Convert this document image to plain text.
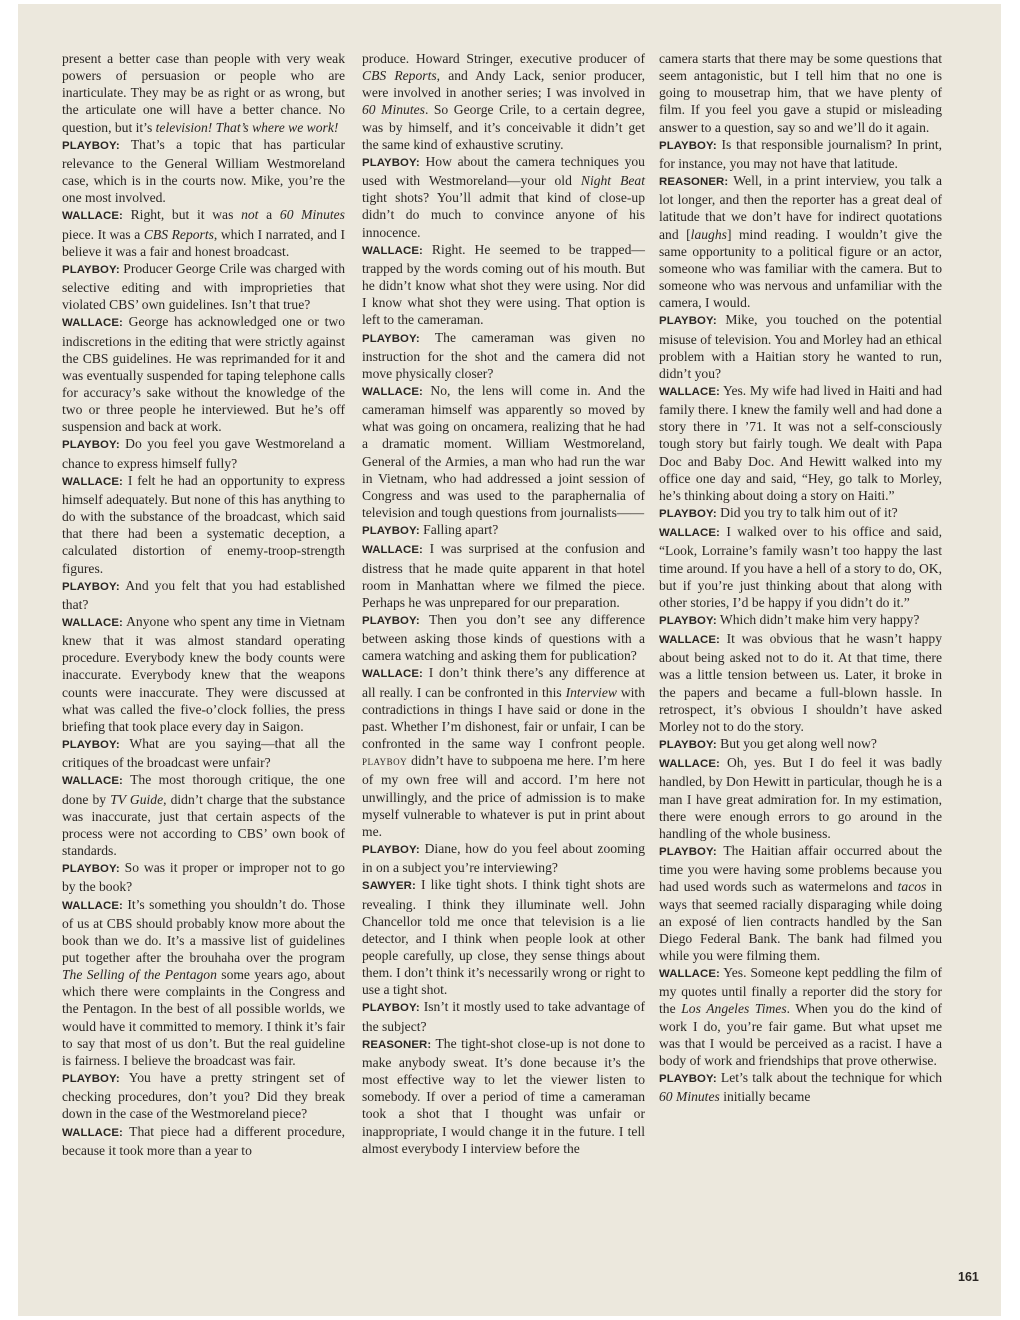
present a better case than people with very weak powers of persuasion or people who are inarticulate. They may be as right or as wrong, but the articulate one will have a better chance. No question, but it’s television! That’s where we work!

PLAYBOY: That’s a topic that has particular relevance to the General William Westmoreland case, which is in the courts now. Mike, you’re the one most involved.

WALLACE: Right, but it was not a 60 Minutes piece. It was a CBS Reports, which I narrated, and I believe it was a fair and honest broadcast.

PLAYBOY: Producer George Crile was charged with selective editing and with improprieties that violated CBS’ own guidelines. Isn’t that true?

WALLACE: George has acknowledged one or two indiscretions in the editing that were strictly against the CBS guidelines. He was reprimanded for it and was eventually suspended for taping telephone calls for accuracy’s sake without the knowledge of the two or three people he interviewed. But he’s off suspension and back at work.

PLAYBOY: Do you feel you gave Westmoreland a chance to express himself fully?

WALLACE: I felt he had an opportunity to express himself adequately. But none of this has anything to do with the substance of the broadcast, which said that there had been a systematic deception, a calculated distortion of enemy-troop-strength figures.

PLAYBOY: And you felt that you had established that?

WALLACE: Anyone who spent any time in Vietnam knew that it was almost standard operating procedure. Everybody knew the body counts were inaccurate. Everybody knew that the weapons counts were inaccurate. They were discussed at what was called the five-o’clock follies, the press briefing that took place every day in Saigon.

PLAYBOY: What are you saying—that all the critiques of the broadcast were unfair?

WALLACE: The most thorough critique, the one done by TV Guide, didn’t charge that the substance was inaccurate, just that certain aspects of the process were not according to CBS’ own book of standards.

PLAYBOY: So was it proper or improper not to go by the book?

WALLACE: It’s something you shouldn’t do. Those of us at CBS should probably know more about the book than we do. It’s a massive list of guidelines put together after the brouhaha over the program The Selling of the Pentagon some years ago, about which there were complaints in the Congress and the Pentagon. In the best of all possible worlds, we would have it committed to memory. I think it’s fair to say that most of us don’t. But the real guideline is fairness. I believe the broadcast was fair.

PLAYBOY: You have a pretty stringent set of checking procedures, don’t you? Did they break down in the case of the Westmoreland piece?

WALLACE: That piece had a different procedure, because it took more than a year to

produce. Howard Stringer, executive producer of CBS Reports, and Andy Lack, senior producer, were involved in another series; I was involved in 60 Minutes. So George Crile, to a certain degree, was by himself, and it’s conceivable it didn’t get the same kind of exhaustive scrutiny.

PLAYBOY: How about the camera techniques you used with Westmoreland—your old Night Beat tight shots? You’ll admit that kind of close-up didn’t do much to convince anyone of his innocence.

WALLACE: Right. He seemed to be trapped—trapped by the words coming out of his mouth. But he didn’t know what shot they were using. Nor did I know what shot they were using. That option is left to the cameraman.

PLAYBOY: The cameraman was given no instruction for the shot and the camera did not move physically closer?

WALLACE: No, the lens will come in. And the cameraman himself was apparently so moved by what was going on oncamera, realizing that he had a dramatic moment. William Westmoreland, General of the Armies, a man who had run the war in Vietnam, who had addressed a joint session of Congress and was used to the paraphernalia of television and tough questions from journalists——

PLAYBOY: Falling apart?

WALLACE: I was surprised at the confusion and distress that he made quite apparent in that hotel room in Manhattan where we filmed the piece. Perhaps he was unprepared for our preparation.

PLAYBOY: Then you don’t see any difference between asking those kinds of questions with a camera watching and asking them for publication?

WALLACE: I don’t think there’s any difference at all really. I can be confronted in this Interview with contradictions in things I have said or done in the past. Whether I’m dishonest, fair or unfair, I can be confronted in the same way I confront people. PLAYBOY didn’t have to subpoena me here. I’m here of my own free will and accord. I’m here not unwillingly, and the price of admission is to make myself vulnerable to whatever is put in print about me.

PLAYBOY: Diane, how do you feel about zooming in on a subject you’re interviewing?

SAWYER: I like tight shots. I think tight shots are revealing. I think they illuminate well. John Chancellor told me once that television is a lie detector, and I think when people look at other people carefully, up close, they sense things about them. I don’t think it’s necessarily wrong or right to use a tight shot.

PLAYBOY: Isn’t it mostly used to take advantage of the subject?

REASONER: The tight-shot close-up is not done to make anybody sweat. It’s done because it’s the most effective way to let the viewer listen to somebody. If over a period of time a cameraman took a shot that I thought was unfair or inappropriate, I would change it in the future. I tell almost everybody I interview before the

camera starts that there may be some questions that seem antagonistic, but I tell him that no one is going to mousetrap him, that we have plenty of film. If you feel you gave a stupid or misleading answer to a question, say so and we’ll do it again.

PLAYBOY: Is that responsible journalism? In print, for instance, you may not have that latitude.

REASONER: Well, in a print interview, you talk a lot longer, and then the reporter has a great deal of latitude that we don’t have for indirect quotations and [laughs] mind reading. I wouldn’t give the same opportunity to a political figure or an actor, someone who was familiar with the camera. But to someone who was nervous and unfamiliar with the camera, I would.

PLAYBOY: Mike, you touched on the potential misuse of television. You and Morley had an ethical problem with a Haitian story he wanted to run, didn’t you?

WALLACE: Yes. My wife had lived in Haiti and had family there. I knew the family well and had done a story there in ’71. It was not a self-consciously tough story but fairly tough. We dealt with Papa Doc and Baby Doc. And Hewitt walked into my office one day and said, “Hey, go talk to Morley, he’s thinking about doing a story on Haiti.”

PLAYBOY: Did you try to talk him out of it?

WALLACE: I walked over to his office and said, “Look, Lorraine’s family wasn’t too happy the last time around. If you have a hell of a story to do, OK, but if you’re just thinking about that along with other stories, I’d be happy if you didn’t do it.”

PLAYBOY: Which didn’t make him very happy?

WALLACE: It was obvious that he wasn’t happy about being asked not to do it. At that time, there was a little tension between us. Later, it broke in the papers and became a full-blown hassle. In retrospect, it’s obvious I shouldn’t have asked Morley not to do the story.

PLAYBOY: But you get along well now?

WALLACE: Oh, yes. But I do feel it was badly handled, by Don Hewitt in particular, though he is a man I have great admiration for. In my estimation, there were enough errors to go around in the handling of the whole business.

PLAYBOY: The Haitian affair occurred about the time you were having some problems because you had used words such as watermelons and tacos in ways that seemed racially disparaging while doing an exposé of lien contracts handled by the San Diego Federal Bank. The bank had filmed you while you were filming them.

WALLACE: Yes. Someone kept peddling the film of my quotes until finally a reporter did the story for the Los Angeles Times. When you do the kind of work I do, you’re fair game. But what upset me was that I would be perceived as a racist. I have a body of work and friendships that prove otherwise.

PLAYBOY: Let’s talk about the technique for which 60 Minutes initially became

161
